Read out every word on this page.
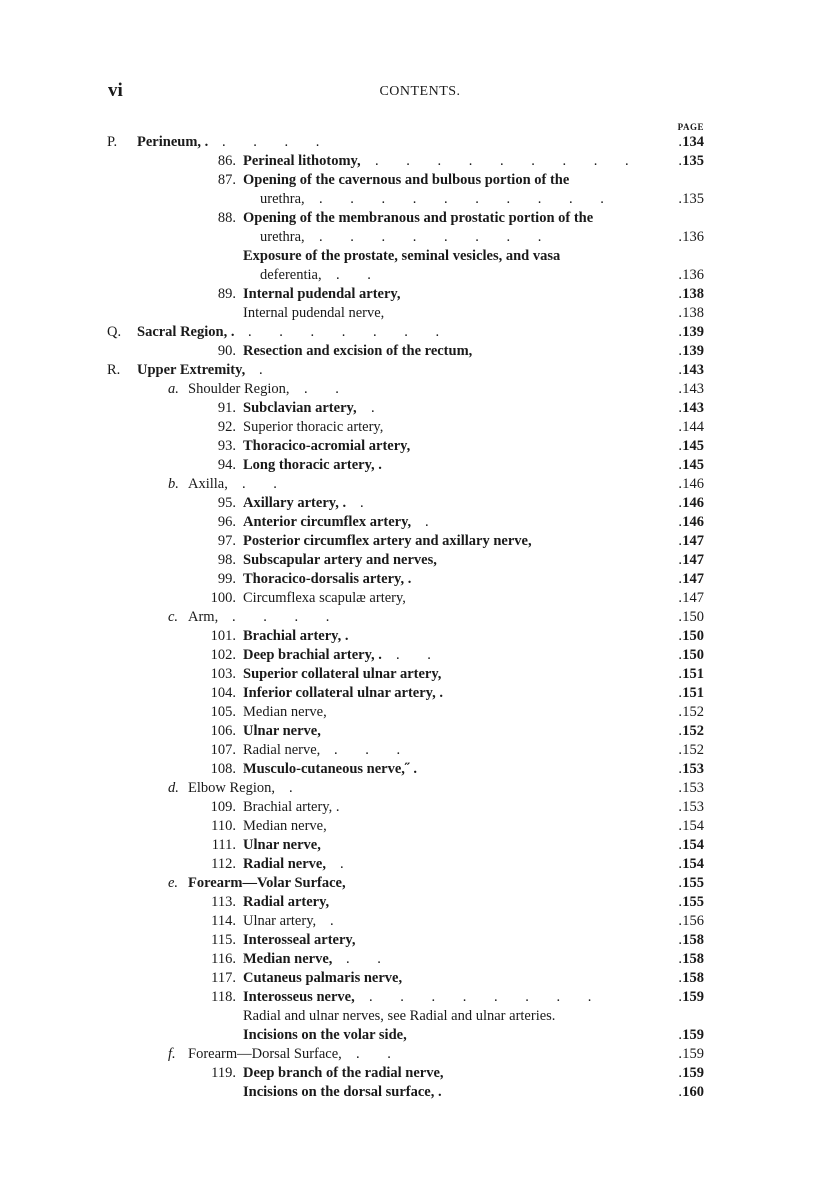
vi	CONTENTS.
PAGE
P. Perineum, . . . . .	134
.
86. Perineal lithotomy, . . . . . . . . .	135
.
87. Opening of the cavernous and bulbous portion of the
urethra, . . . . . . . . . .	135
.
88. Opening of the membranous and prostatic portion of the
urethra, . . . . . . . .	136
.
Exposure of the prostate, seminal vesicles, and vasa
deferentia, . .	136
.
89. Internal pudendal artery,	138
.
Internal pudendal nerve,	138
.
Q. Sacral Region, . . . . . . . .	139
.
90. Resection and excision of the rectum,	139
.
R. Upper Extremity, .	143
.
a. Shoulder Region, . .	143
.
91. Subclavian artery, .	143
.
92. Superior thoracic artery,	144
.
93. Thoracico-acromial artery,	145
.
94. Long thoracic artery, .	145
.
b. Axilla, . .	146
.
95. Axillary artery, . .	146
.
96. Anterior circumflex artery, .	146
.
97. Posterior circumflex artery and axillary nerve,	147
.
98. Subscapular artery and nerves,	147
.
99. Thoracico-dorsalis artery, .	147
.
100. Circumflexa scapulæ artery,	147
.
c. Arm, . . . .	150
.
101. Brachial artery, .	150
.
102. Deep brachial artery, . . .	150
.
103. Superior collateral ulnar artery,	151
.
104. Inferior collateral ulnar artery, .	151
.
105. Median nerve,	152
.
106. Ulnar nerve,	152
.
107. Radial nerve, . . .	152
.
108. Musculo-cutaneous nerve,˝ .	153
.
d. Elbow Region, .	153
.
109. Brachial artery, .	153
.
110. Median nerve,	154
.
111. Ulnar nerve,	154
.
112. Radial nerve, .	154
.
e. Forearm—Volar Surface,	155
.
113. Radial artery,	155
.
114. Ulnar artery, .	156
.
115. Interosseal artery,	158
.
116. Median nerve, . .	158
.
117. Cutaneus palmaris nerve,	158
.
118. Interosseus nerve, . . . . . . . .	159
.
Radial and ulnar nerves, see Radial and ulnar arteries.
Incisions on the volar side,	159
.
f. Forearm—Dorsal Surface, . .	159
.
119. Deep branch of the radial nerve,	159
.
Incisions on the dorsal surface, .	160
.
